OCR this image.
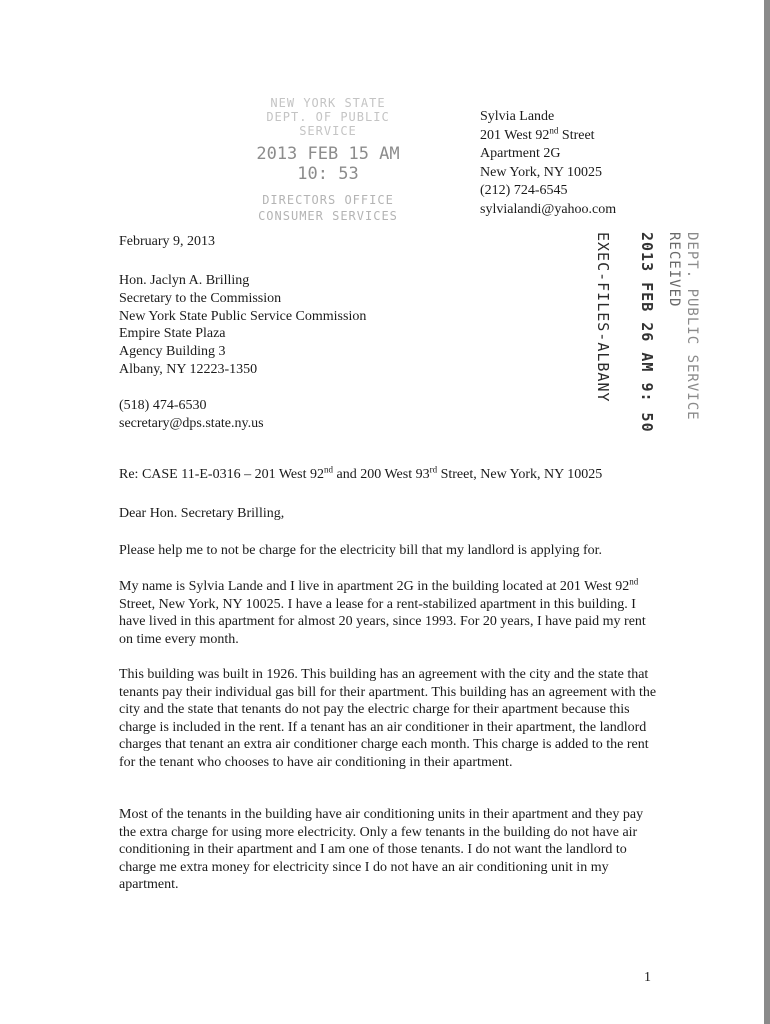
NEW YORK STATE
DEPT. OF PUBLIC SERVICE
2013 FEB 15 AM 10: 53
DIRECTORS OFFICE
CONSUMER SERVICES
Sylvia Lande
201 West 92nd Street
Apartment 2G
New York, NY 10025
(212) 724-6545
sylvialandi@yahoo.com
February 9, 2013
Hon. Jaclyn A. Brilling
Secretary to the Commission
New York State Public Service Commission
Empire State Plaza
Agency Building 3
Albany, NY 12223-1350
(518) 474-6530
secretary@dps.state.ny.us
EXEC-FILES-ALBANY 2013 FEB 26 AM 9: 50 RECEIVED DEPT. PUBLIC SERVICE
Re: CASE 11-E-0316 – 201 West 92nd and 200 West 93rd Street, New York, NY 10025
Dear Hon. Secretary Brilling,
Please help me to not be charge for the electricity bill that my landlord is applying for.
My name is Sylvia Lande and I live in apartment 2G in the building located at 201 West 92nd Street, New York, NY 10025. I have a lease for a rent-stabilized apartment in this building. I have lived in this apartment for almost 20 years, since 1993. For 20 years, I have paid my rent on time every month.
This building was built in 1926. This building has an agreement with the city and the state that tenants pay their individual gas bill for their apartment. This building has an agreement with the city and the state that tenants do not pay the electric charge for their apartment because this charge is included in the rent. If a tenant has an air conditioner in their apartment, the landlord charges that tenant an extra air conditioner charge each month. This charge is added to the rent for the tenant who chooses to have air conditioning in their apartment.
Most of the tenants in the building have air conditioning units in their apartment and they pay the extra charge for using more electricity. Only a few tenants in the building do not have air conditioning in their apartment and I am one of those tenants. I do not want the landlord to charge me extra money for electricity since I do not have an air conditioning unit in my apartment.
1
